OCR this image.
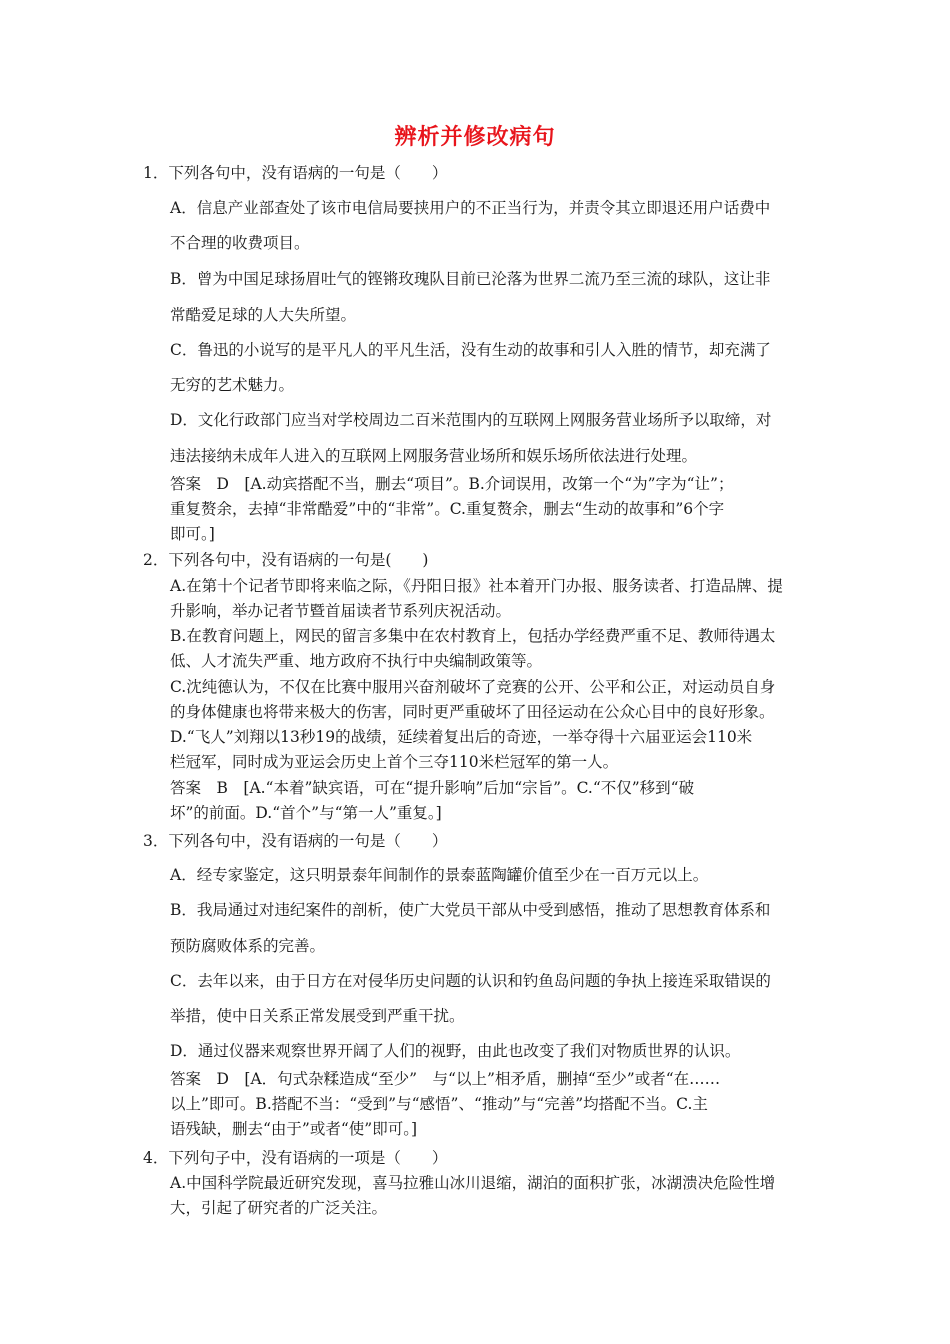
辨析并修改病句
1．下列各句中，没有语病的一句是（　　）
A．信息产业部查处了该市电信局要挟用户的不正当行为，并责令其立即退还用户话费中
不合理的收费项目。
B．曾为中国足球扬眉吐气的铿锵玫瑰队目前已沦落为世界二流乃至三流的球队，这让非
常酷爱足球的人大失所望。
C．鲁迅的小说写的是平凡人的平凡生活，没有生动的故事和引人入胜的情节，却充满了
无穷的艺术魅力。
D．文化行政部门应当对学校周边二百米范围内的互联网上网服务营业场所予以取缔，对
违法接纳未成年人进入的互联网上网服务营业场所和娱乐场所依法进行处理。
答案　D　[A.动宾搭配不当，删去“项目”。B.介词误用，改第一个“为”字为“让”；
重复赘余，去掉“非常酷爱”中的“非常”。C.重复赘余，删去“生动的故事和”6个字
即可。]
2．下列各句中，没有语病的一句是(　　)
A.在第十个记者节即将来临之际，《丹阳日报》社本着开门办报、服务读者、打造品牌、提
升影响，举办记者节暨首届读者节系列庆祝活动。
B.在教育问题上，网民的留言多集中在农村教育上，包括办学经费严重不足、教师待遇太
低、人才流失严重、地方政府不执行中央编制政策等。
C.沈纯德认为，不仅在比赛中服用兴奋剂破坏了竞赛的公开、公平和公正，对运动员自身
的身体健康也将带来极大的伤害，同时更严重破坏了田径运动在公众心目中的良好形象。
D.“飞人”刘翔以13秒19的战绩，延续着复出后的奇迹，一举夺得十六届亚运会110米
栏冠军，同时成为亚运会历史上首个三夺110米栏冠军的第一人。
答案　B　[A.“本着”缺宾语，可在“提升影响”后加“宗旨”。C.“不仅”移到“破
坏”的前面。D.“首个”与“第一人”重复。]
3．下列各句中，没有语病的一句是（　　）
A．经专家鉴定，这只明景泰年间制作的景泰蓝陶罐价值至少在一百万元以上。
B．我局通过对违纪案件的剖析，使广大党员干部从中受到感悟，推动了思想教育体系和
预防腐败体系的完善。
C．去年以来，由于日方在对侵华历史问题的认识和钓鱼岛问题的争执上接连采取错误的
举措，使中日关系正常发展受到严重干扰。
D．通过仪器来观察世界开阔了人们的视野，由此也改变了我们对物质世界的认识。
答案　D　[A．句式杂糅造成“至少”　与“以上”相矛盾，删掉“至少”或者“在……
以上”即可。B.搭配不当：“受到”与“感悟”、“推动”与“完善”均搭配不当。C.主
语残缺，删去“由于”或者“使”即可。]
4．下列句子中，没有语病的一项是（　　）
A.中国科学院最近研究发现，喜马拉雅山冰川退缩，湖泊的面积扩张，冰湖溃决危险性增
大，引起了研究者的广泛关注。
